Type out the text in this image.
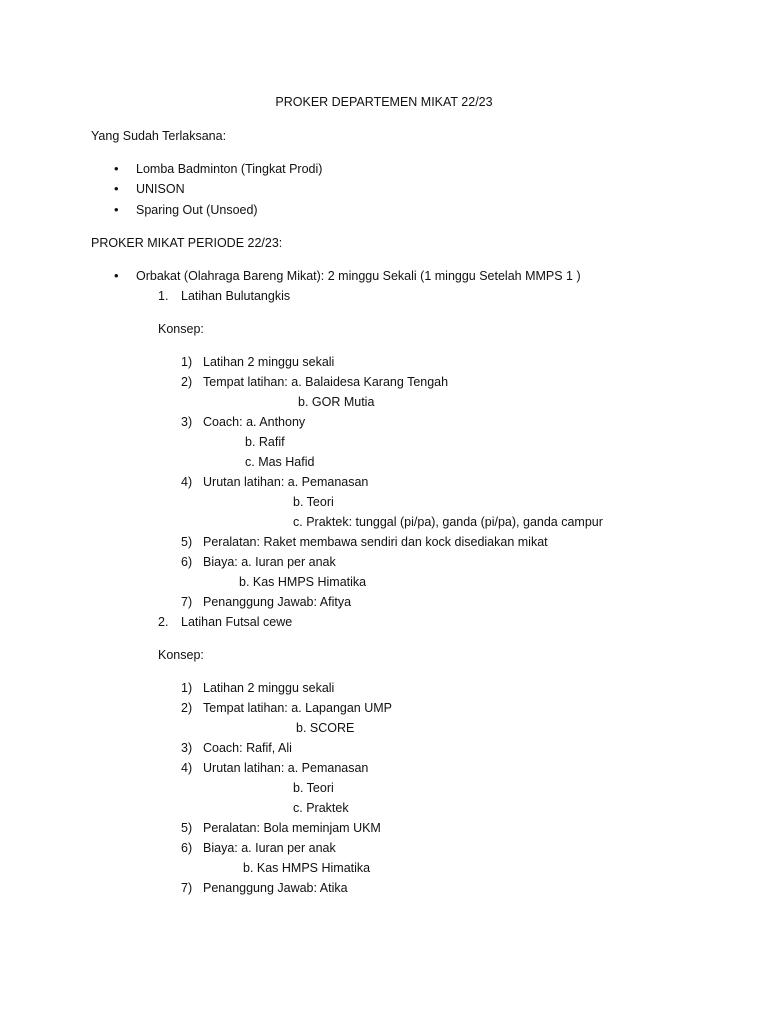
PROKER DEPARTEMEN MIKAT 22/23
Yang Sudah Terlaksana:
• Lomba Badminton (Tingkat Prodi)
• UNISON
• Sparing Out (Unsoed)
PROKER MIKAT PERIODE 22/23:
• Orbakat (Olahraga Bareng Mikat): 2 minggu Sekali (1 minggu Setelah MMPS 1 )
1.	Latihan Bulutangkis
Konsep:
1) Latihan 2 minggu sekali
2) Tempat latihan: a. Balaidesa Karang Tengah
b. GOR Mutia
3) Coach: a. Anthony
b. Rafif
c. Mas Hafid
4) Urutan latihan: a. Pemanasan
b. Teori
c. Praktek: tunggal (pi/pa), ganda (pi/pa), ganda campur
5) Peralatan: Raket membawa sendiri dan kock disediakan mikat
6) Biaya: a. Iuran per anak
b. Kas HMPS Himatika
7) Penanggung Jawab: Afitya
2.	Latihan Futsal cewe
Konsep:
1) Latihan 2 minggu sekali
2) Tempat latihan: a. Lapangan UMP
b. SCORE
3) Coach: Rafif, Ali
4) Urutan latihan: a. Pemanasan
b. Teori
c. Praktek
5) Peralatan: Bola meminjam UKM
6) Biaya: a. Iuran per anak
b. Kas HMPS Himatika
7) Penanggung Jawab: Atika
